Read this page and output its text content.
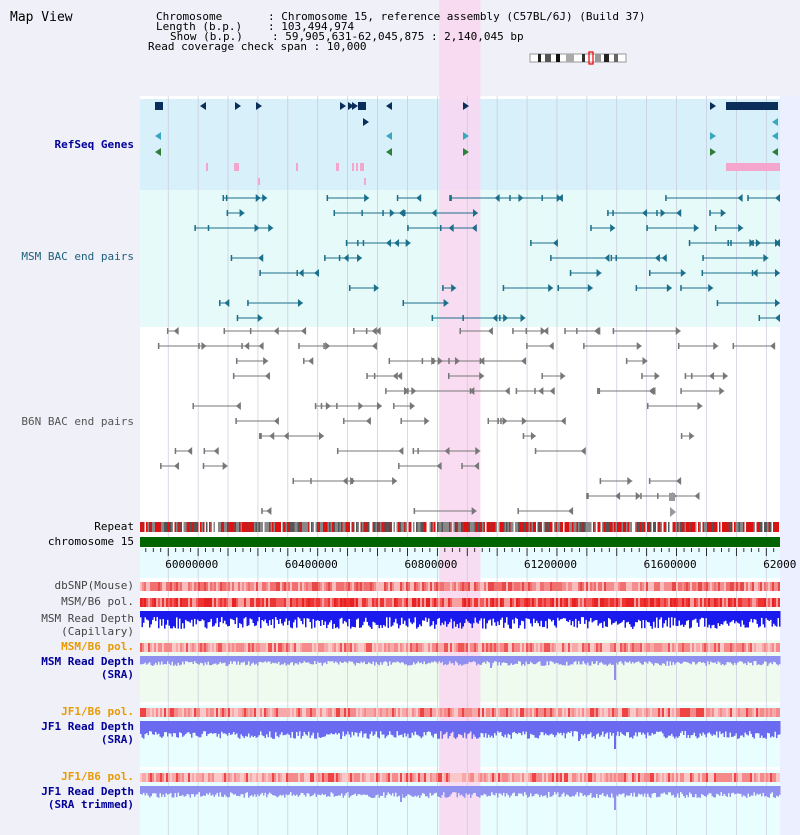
60000000	60400000	60800000	61200000	61600000	62000
Map View	Chromosome	: Chromosome 15, reference assembly (C57BL/6J) (Build 37)
Length (b.p.) : 103,494,974
Show (b.p.)	: 59,905,631-62,045,875 : 2,140,045 bp
Read coverage check span : 10,000
RefSeq Genes
MSM BAC end pairs
B6N BAC end pairs
Repeat
chromosome 15
dbSNP(Mouse)
MSM/B6 pol.
MSM Read Depth
(Capillary)
MSM/B6 pol.
MSM Read Depth
(SRA)
JF1/B6 pol.
JF1 Read Depth
(SRA)
JF1/B6 pol.
JF1 Read Depth
(SRA trimmed)
